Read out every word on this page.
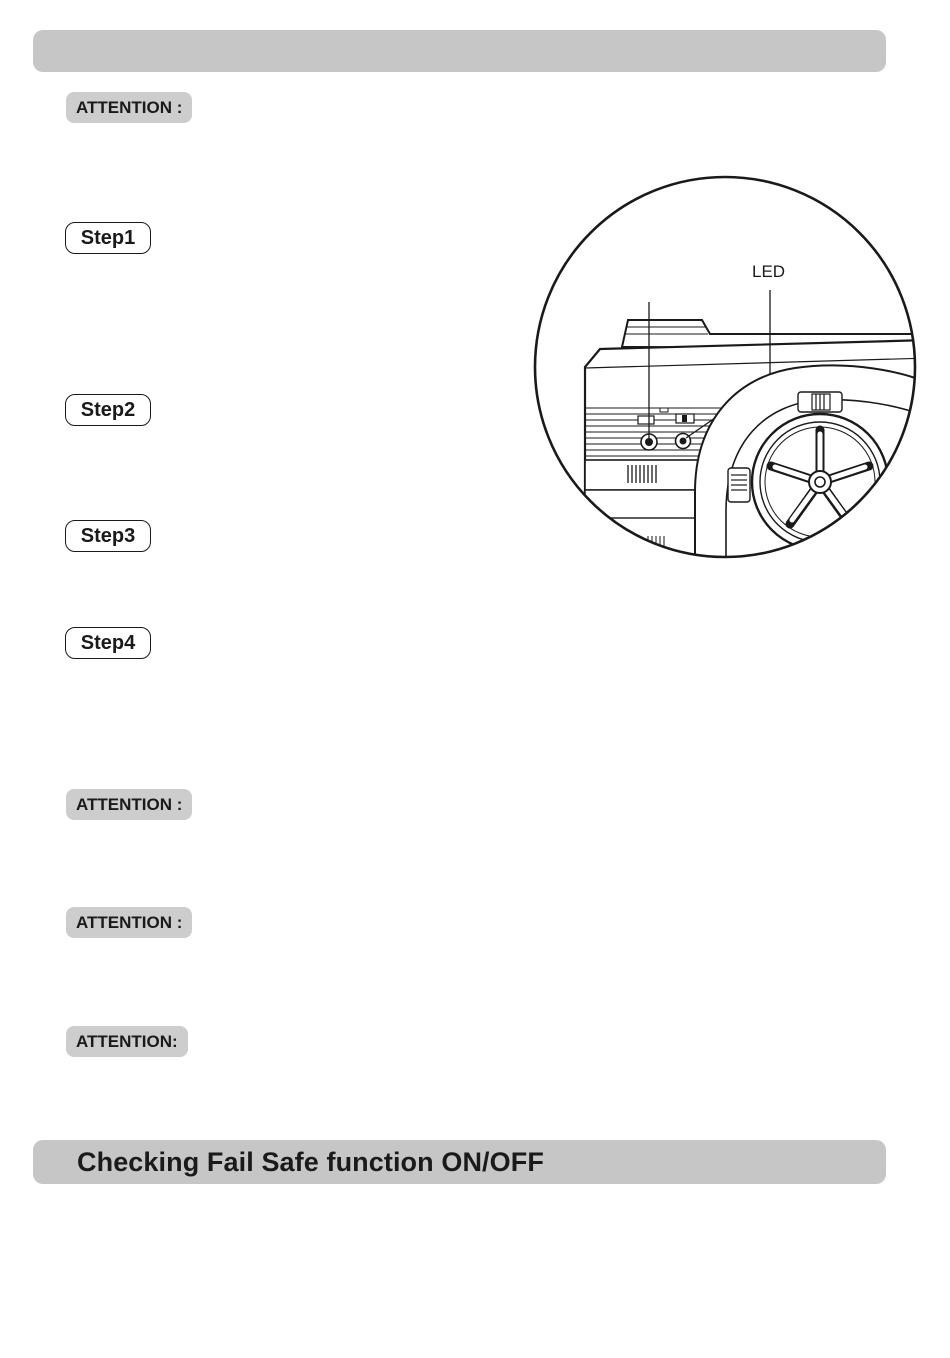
ATTENTION :
Step1
Step2
Step3
Step4
ATTENTION :
ATTENTION :
ATTENTION:
LED
Checking Fail Safe function ON/OFF
